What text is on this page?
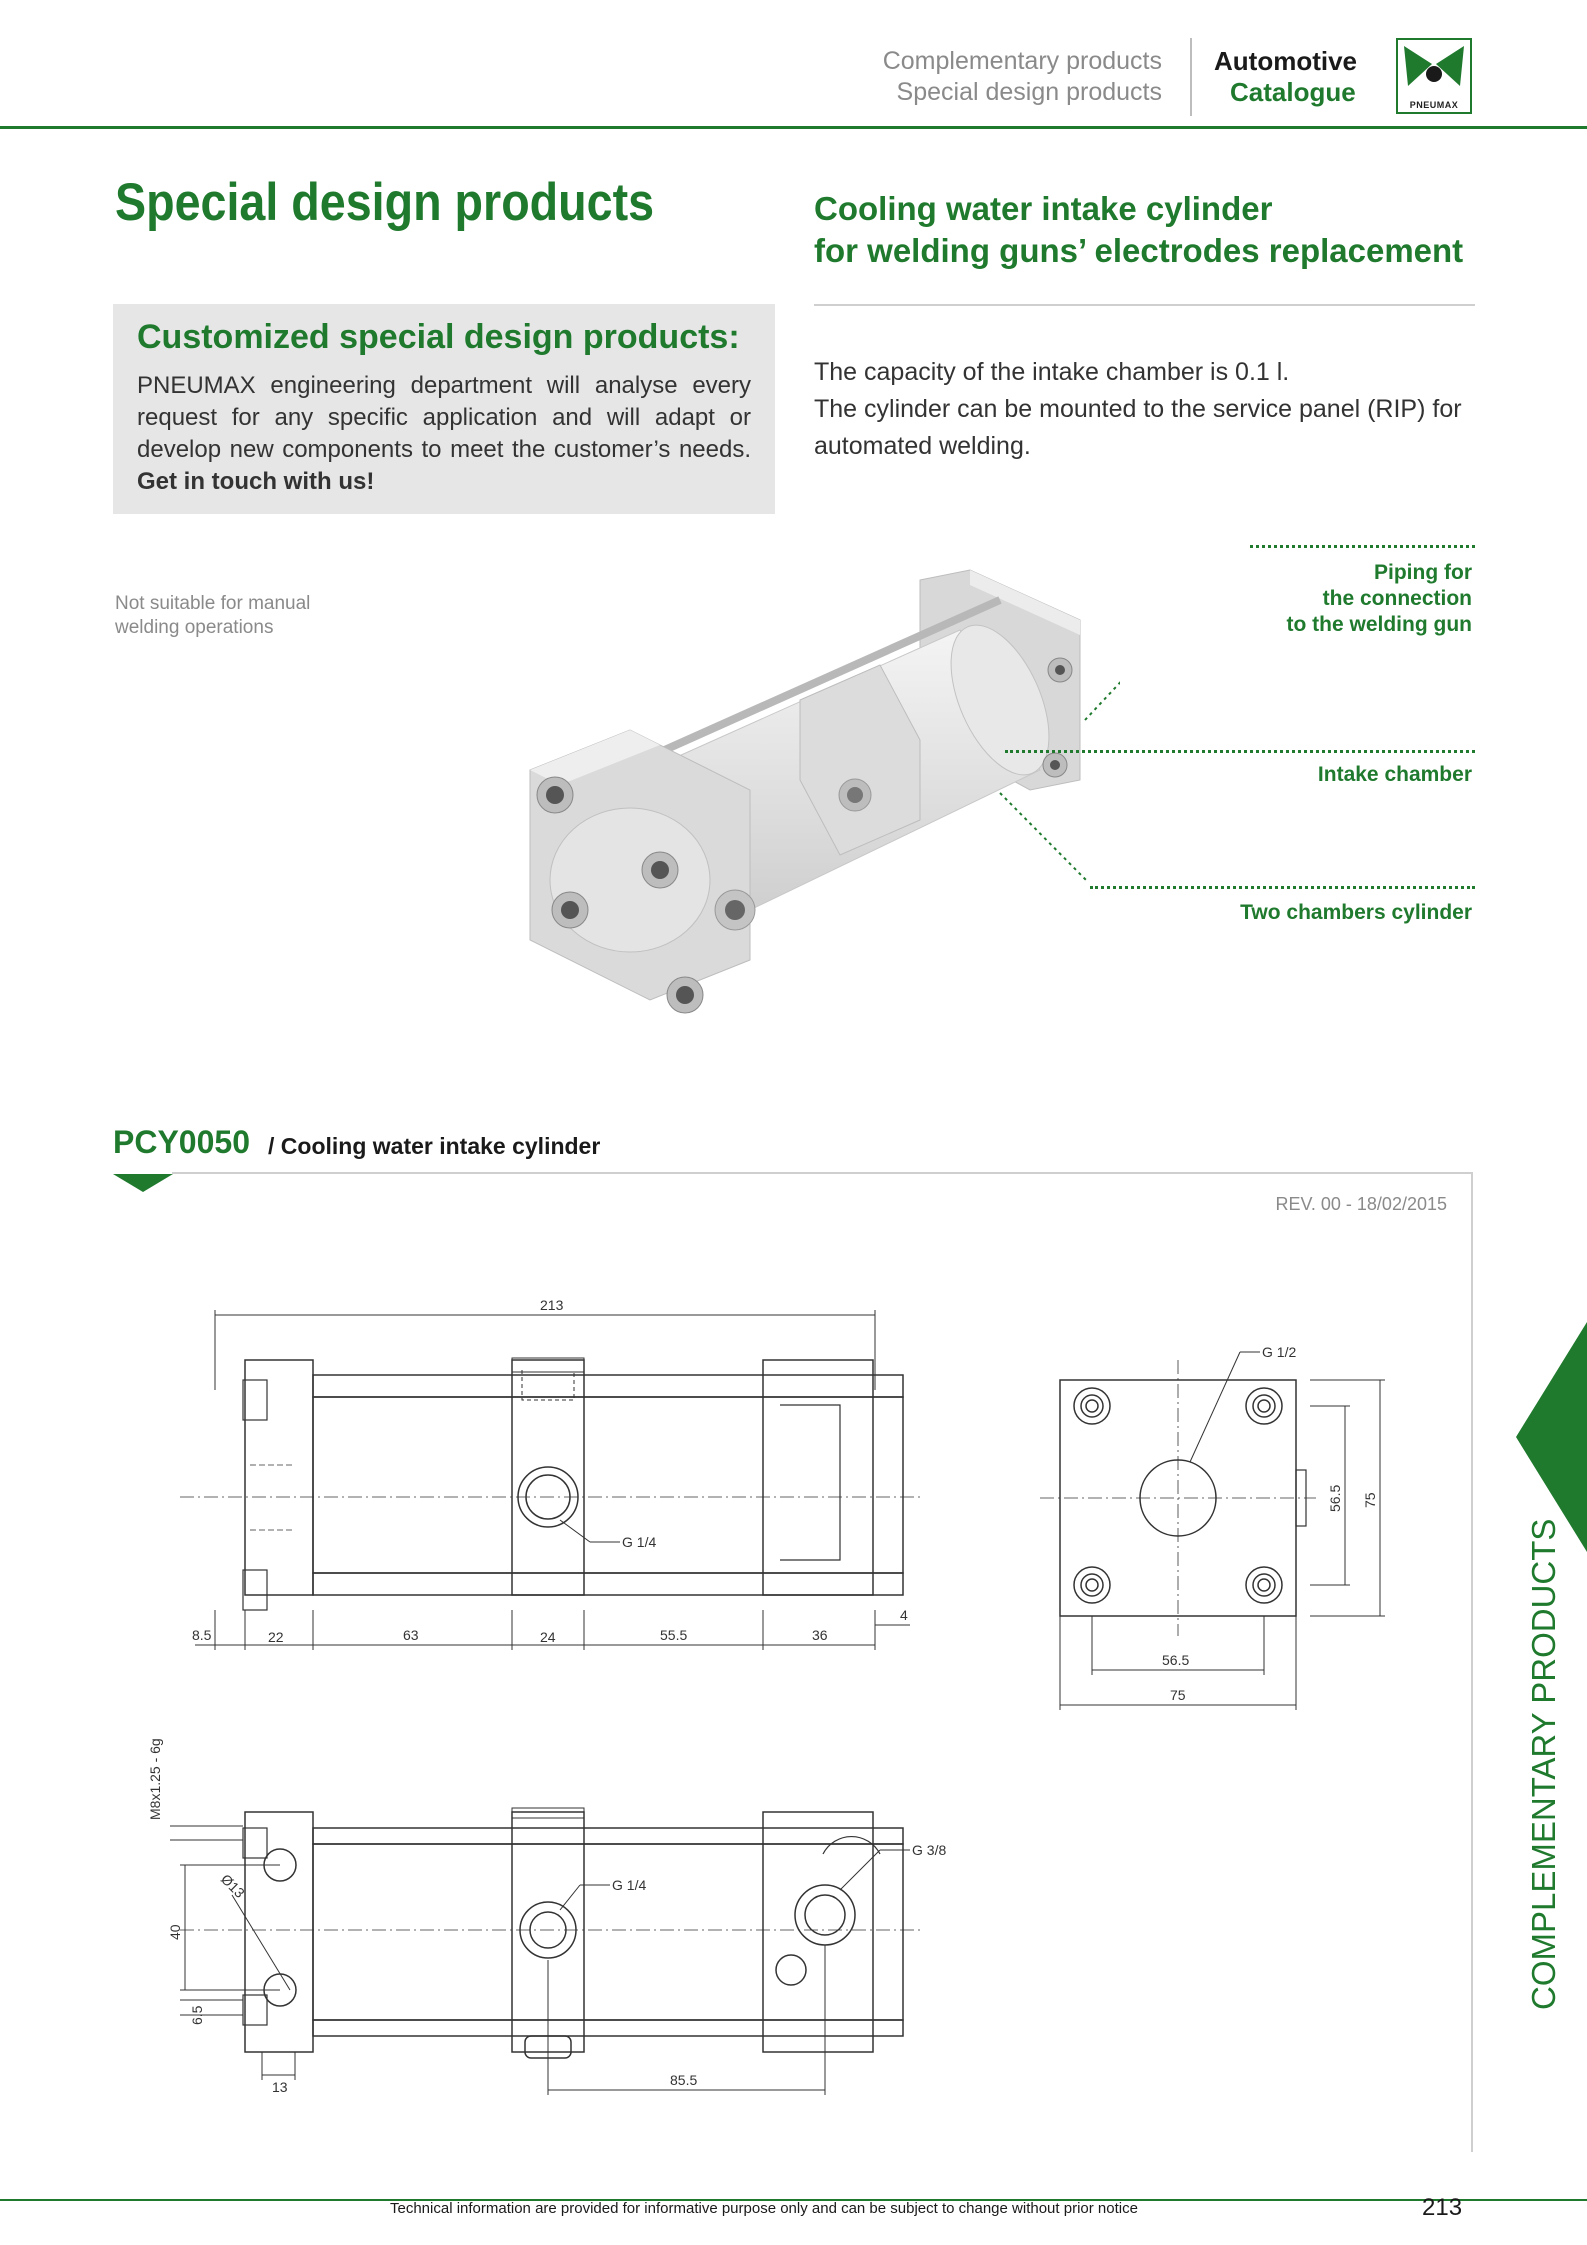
Complementary products
Special design products
Automotive
Catalogue	PNEUMAX
Special design products	Cooling water intake cylinder
for welding guns’ electrodes replacement
Customized special design products:
PNEUMAX engineering department will analyse every request for any specific application and will adapt or develop new components to meet the customer’s needs. Get in touch with us!
The capacity of the intake chamber is 0.1 l.
The cylinder can be mounted to the service panel (RIP) for automated welding.
Not suitable for manual
welding operations
Piping for
the connection
to the welding gun
Intake chamber
Two chambers cylinder
PCY0050 / Cooling water intake cylinder
REV. 00 - 18/02/2015
213
G 1/4
8.5	22	63	24	55.5	36
4
G 1/2
56.5
75
56.5 75
G 1/4
G 3/8
M8x1.25 - 6g
40
6.5
Ø13
13	85.5
COMPLEMENTARY PRODUCTS
Technical information are provided for informative purpose only and can be subject to change without prior notice	213
